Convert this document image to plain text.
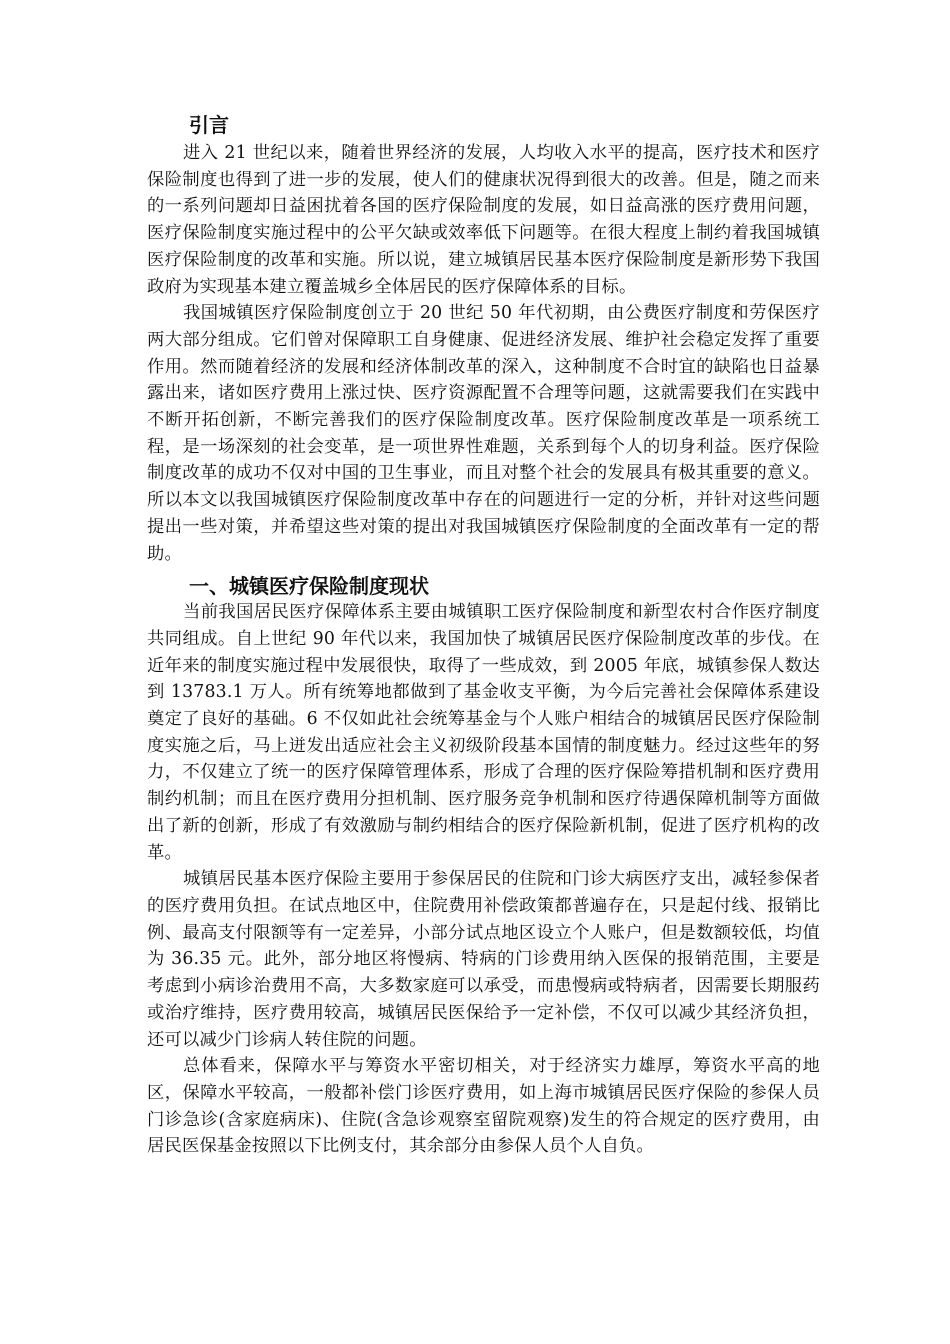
引言

进入 21 世纪以来，随着世界经济的发展，人均收入水平的提高，医疗技术和医疗保险制度也得到了进一步的发展，使人们的健康状况得到很大的改善。但是，随之而来的一系列问题却日益困扰着各国的医疗保险制度的发展，如日益高涨的医疗费用问题，医疗保险制度实施过程中的公平欠缺或效率低下问题等。在很大程度上制约着我国城镇医疗保险制度的改革和实施。所以说，建立城镇居民基本医疗保险制度是新形势下我国政府为实现基本建立覆盖城乡全体居民的医疗保障体系的目标。

我国城镇医疗保险制度创立于 20 世纪 50 年代初期，由公费医疗制度和劳保医疗两大部分组成。它们曾对保障职工自身健康、促进经济发展、维护社会稳定发挥了重要作用。然而随着经济的发展和经济体制改革的深入，这种制度不合时宜的缺陷也日益暴露出来，诸如医疗费用上涨过快、医疗资源配置不合理等问题，这就需要我们在实践中不断开拓创新，不断完善我们的医疗保险制度改革。医疗保险制度改革是一项系统工程，是一场深刻的社会变革，是一项世界性难题，关系到每个人的切身利益。医疗保险制度改革的成功不仅对中国的卫生事业，而且对整个社会的发展具有极其重要的意义。所以本文以我国城镇医疗保险制度改革中存在的问题进行一定的分析，并针对这些问题提出一些对策，并希望这些对策的提出对我国城镇医疗保险制度的全面改革有一定的帮助。

一、城镇医疗保险制度现状

当前我国居民医疗保障体系主要由城镇职工医疗保险制度和新型农村合作医疗制度共同组成。自上世纪 90 年代以来，我国加快了城镇居民医疗保险制度改革的步伐。在近年来的制度实施过程中发展很快，取得了一些成效，到 2005 年底，城镇参保人数达到 13783.1 万人。所有统筹地都做到了基金收支平衡，为今后完善社会保障体系建设奠定了良好的基础。6 不仅如此社会统筹基金与个人账户相结合的城镇居民医疗保险制度实施之后，马上迸发出适应社会主义初级阶段基本国情的制度魅力。经过这些年的努力，不仅建立了统一的医疗保障管理体系，形成了合理的医疗保险筹措机制和医疗费用制约机制；而且在医疗费用分担机制、医疗服务竞争机制和医疗待遇保障机制等方面做出了新的创新，形成了有效激励与制约相结合的医疗保险新机制，促进了医疗机构的改革。

城镇居民基本医疗保险主要用于参保居民的住院和门诊大病医疗支出，减轻参保者的医疗费用负担。在试点地区中，住院费用补偿政策都普遍存在，只是起付线、报销比例、最高支付限额等有一定差异，小部分试点地区设立个人账户，但是数额较低，均值为 36.35 元。此外，部分地区将慢病、特病的门诊费用纳入医保的报销范围，主要是考虑到小病诊治费用不高，大多数家庭可以承受，而患慢病或特病者，因需要长期服药或治疗维持，医疗费用较高，城镇居民医保给予一定补偿，不仅可以减少其经济负担，还可以减少门诊病人转住院的问题。

总体看来，保障水平与筹资水平密切相关，对于经济实力雄厚，筹资水平高的地区，保障水平较高，一般都补偿门诊医疗费用，如上海市城镇居民医疗保险的参保人员门诊急诊(含家庭病床)、住院(含急诊观察室留院观察)发生的符合规定的医疗费用，由居民医保基金按照以下比例支付，其余部分由参保人员个人自负。
